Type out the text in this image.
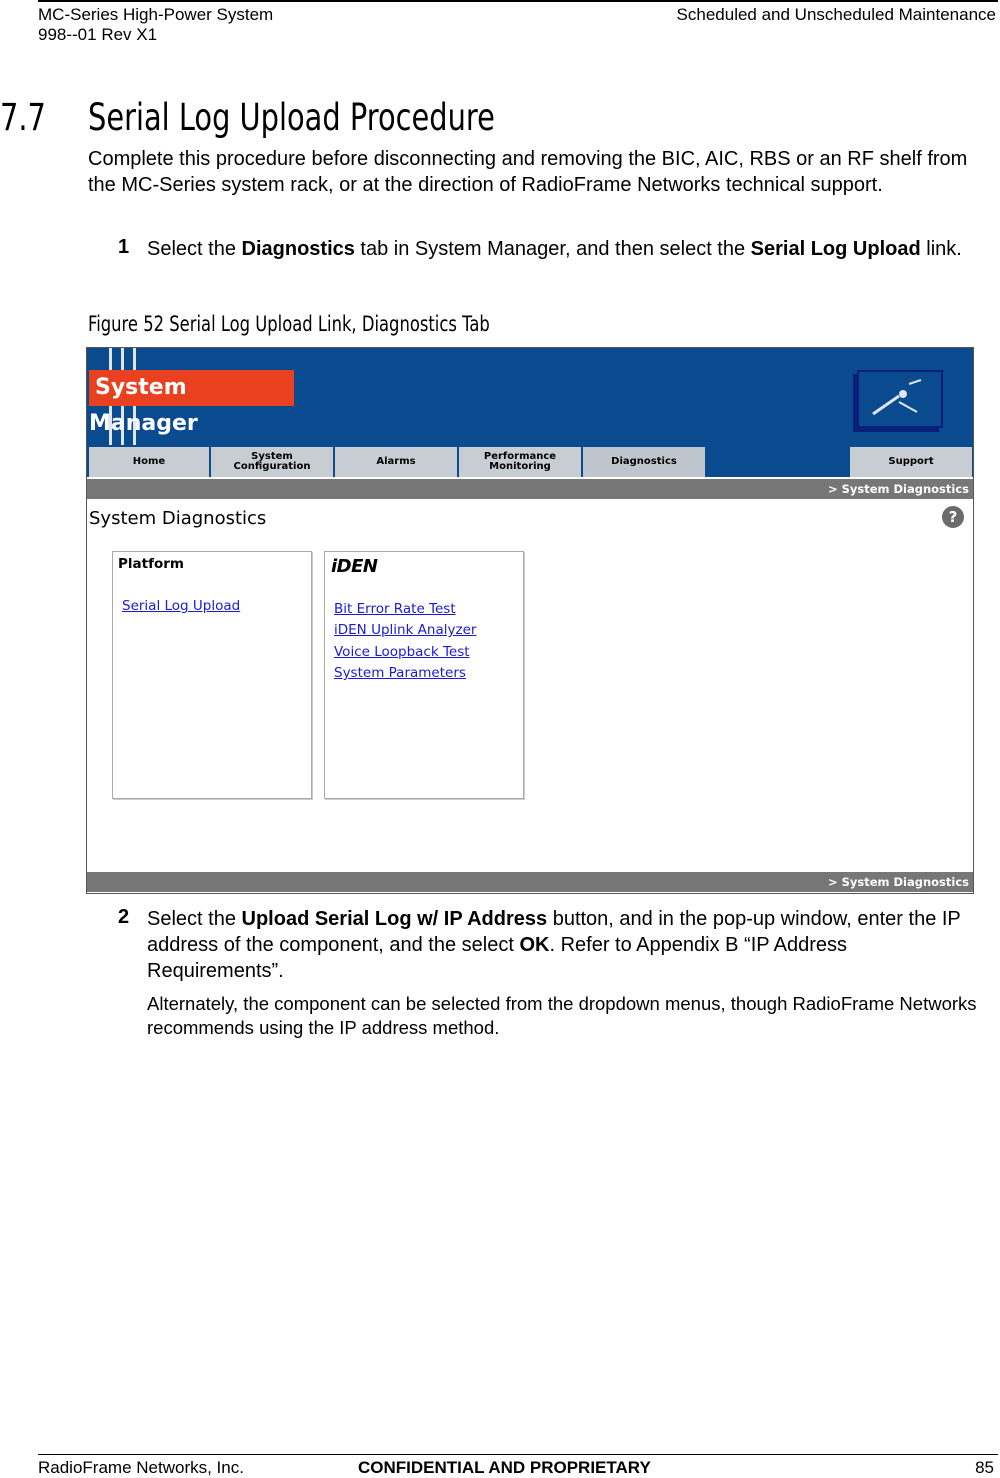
MC-Series High-Power System
998--01 Rev X1
Scheduled and Unscheduled Maintenance
7.7 Serial Log Upload Procedure
Complete this procedure before disconnecting and removing the BIC, AIC, RBS or an RF shelf from the MC-Series system rack, or at the direction of RadioFrame Networks technical support.
1 Select the Diagnostics tab in System Manager, and then select the Serial Log Upload link.
Figure 52 Serial Log Upload Link, Diagnostics Tab
System Manager
Home	System Configuration	Alarms	Performance Monitoring	Diagnostics	Support
> System Diagnostics
System Diagnostics	?
Platform
Serial Log Upload
iDEN
Bit Error Rate Test
iDEN Uplink Analyzer
Voice Loopback Test
System Parameters
> System Diagnostics
2 Select the Upload Serial Log w/ IP Address button, and in the pop-up window, enter the IP address of the component, and the select OK. Refer to Appendix B “IP Address Requirements”.
Alternately, the component can be selected from the dropdown menus, though RadioFrame Networks recommends using the IP address method.
RadioFrame Networks, Inc.	CONFIDENTIAL AND PROPRIETARY	85
